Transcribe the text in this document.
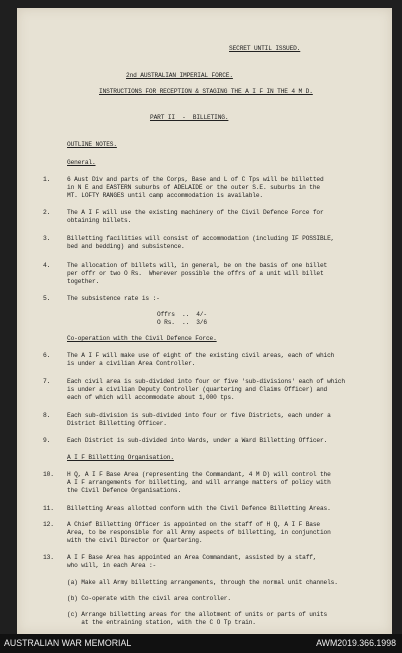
SECRET UNTIL ISSUED.
2nd AUSTRALIAN IMPERIAL FORCE.
INSTRUCTIONS FOR RECEPTION & STAGING THE A I F IN THE 4 M D.
PART II  -  BILLETING.
OUTLINE NOTES.
General.
1.	6 Aust Div and parts of the Corps, Base and L of C Tps will be billetted
in N E and EASTERN suburbs of ADELAIDE or the outer S.E. suburbs in the
MT. LOFTY RANGES until camp accommodation is available.
2.	The A I F will use the existing machinery of the Civil Defence Force for
obtaining billets.
3.	Billetting facilities will consist of accommodation (including IF POSSIBLE,
bed and bedding) and subsistence.
4.	The allocation of billets will, in general, be on the basis of one billet
per offr or two O Rs.  Wherever possible the offrs of a unit will billet
together.
5.	The subsistence rate is :-
Offrs  ..  4/-
O Rs.  ..  3/6
Co-operation with the Civil Defence Force.
6.	The A I F will make use of eight of the existing civil areas, each of which
is under a civilian Area Controller.
7.	Each civil area is sub-divided into four or five 'sub-divisions' each of which
is under a civilian Deputy Controller (quartering and Claims Officer) and
each of which will accommodate about 1,000 tps.
8.	Each sub-division is sub-divided into four or five Districts, each under a
District Billetting Officer.
9.	Each District is sub-divided into Wards, under a Ward Billetting Officer.
A I F Billetting Organisation.
10. H Q, A I F Base Area (representing the Commandant, 4 M D) will control the
A I F arrangements for billetting, and will arrange matters of policy with
the Civil Defence Organisations.
11. Billetting Areas allotted conform with the Civil Defence Billetting Areas.
12. A Chief Billetting Officer is appointed on the staff of H Q, A I F Base
Area, to be responsible for all Army aspects of billetting, in conjunction
with the civil Director or Quartering.
13. A I F Base Area has appointed an Area Commandant, assisted by a staff,
who will, in each Area :-
(a) Make all Army billetting arrangements, through the normal unit channels.
(b) Co-operate with the civil area controller.
(c) Arrange billetting areas for the allotment of units or parts of units
at the entraining station, with the C O Tp train.
AUSTRALIAN WAR MEMORIAL	AWM2019.366.1998
